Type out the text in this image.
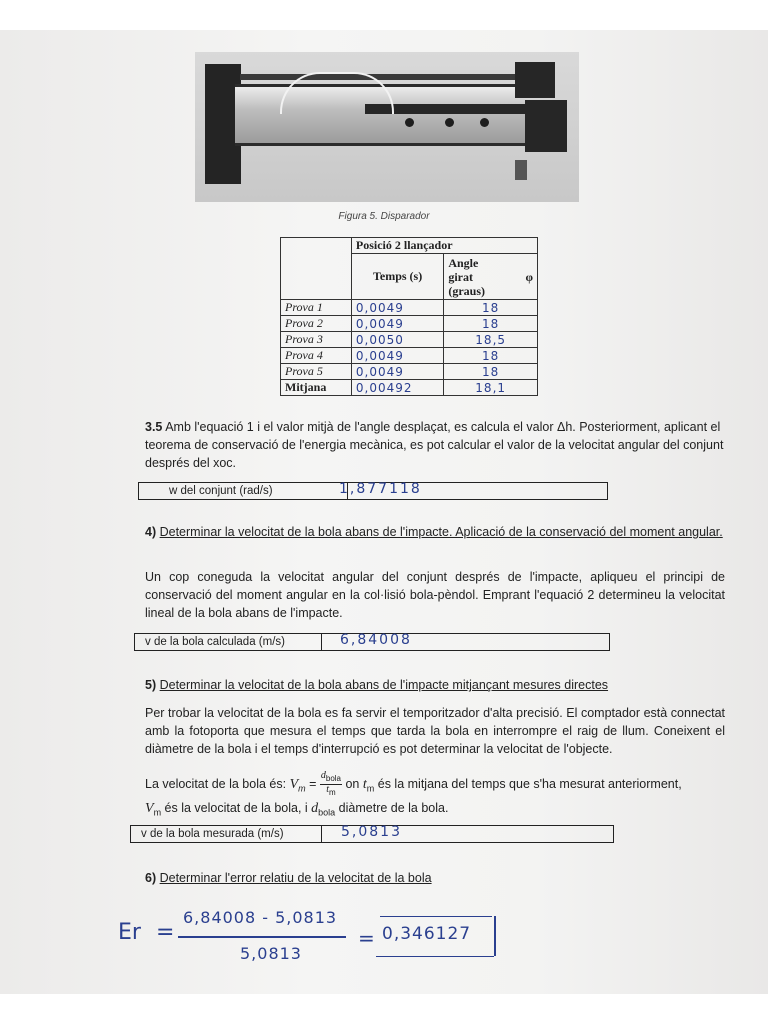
Figura 5. Disparador
	Posició 2 llançador	
	Temps (s)	Angle girat (graus)
φ

Prova 1	0,0049	18
Prova 2	0,0049	18
Prova 3	0,0050	18,5
Prova 4	0,0049	18
Prova 5	0,0049	18
Mitjana	0,00492	18,1
3.5 Amb l'equació 1 i el valor mitjà de l'angle desplaçat, es calcula el valor Δh. Posteriorment, aplicant el teorema de conservació de l'energia mecànica, es pot calcular el valor de la velocitat angular del conjunt després del xoc.
w del conjunt (rad/s)	1,877118
4) Determinar la velocitat de la bola abans de l'impacte. Aplicació de la conservació del moment angular.
Un cop coneguda la velocitat angular del conjunt després de l'impacte, apliqueu el principi de conservació del moment angular en la col·lisió bola-pèndol. Emprant l'equació 2 determineu la velocitat lineal de la bola abans de l'impacte.
v de la bola calculada (m/s)	6,84008
5) Determinar la velocitat de la bola abans de l'impacte mitjançant mesures directes
Per trobar la velocitat de la bola es fa servir el temporitzador d'alta precisió. El comptador està connectat amb la fotoporta que mesura el temps que tarda la bola en interrompre el raig de llum. Coneixent el diàmetre de la bola i el temps d'interrupció es pot determinar la velocitat de l'objecte.
La velocitat de la bola és: $V_m = \frac{d_{bola}}{t_m}$ on $t_m$ és la mitjana del temps que s'ha mesurat anteriorment,
$V_m$ és la velocitat de la bola, i $d_{bola}$ diàmetre de la bola.
v de la bola mesurada (m/s)	5,0813
6) Determinar l'error relatiu de la velocitat de la bola
Er =
6,84008 - 5,0813
5,0813
= 0,346127
